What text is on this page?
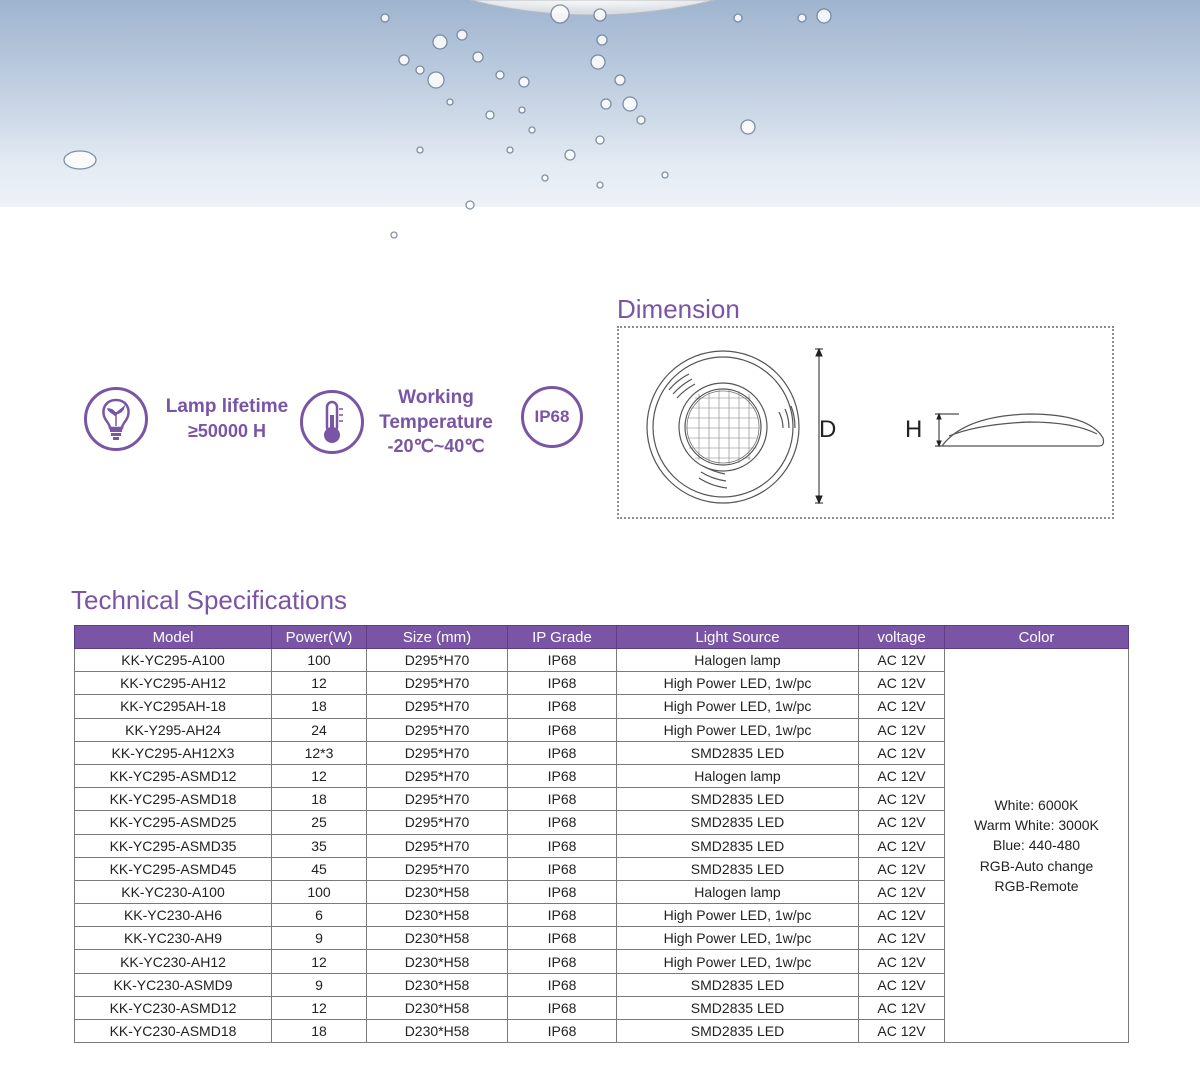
Lamp lifetime
≥50000 H
Working
Temperature
-20℃~40℃
IP68
Dimension
D	H
Technical Specifications
Model	Power(W)	Size (mm)	IP Grade	Light Source	voltage	Color
KK-YC295-A100	100	D295*H70	IP68	Halogen lamp	AC 12V	White: 6000K
Warm White: 3000K
Blue: 440-480
RGB-Auto change
RGB-Remote

KK-YC295-AH12	12	D295*H70	IP68	High Power LED, 1w/pc	AC 12V	
KK-YC295AH-18	18	D295*H70	IP68	High Power LED, 1w/pc	AC 12V	
KK-Y295-AH24	24	D295*H70	IP68	High Power LED, 1w/pc	AC 12V	
KK-YC295-AH12X3	12*3	D295*H70	IP68	SMD2835 LED	AC 12V	
KK-YC295-ASMD12	12	D295*H70	IP68	Halogen lamp	AC 12V	
KK-YC295-ASMD18	18	D295*H70	IP68	SMD2835 LED	AC 12V	
KK-YC295-ASMD25	25	D295*H70	IP68	SMD2835 LED	AC 12V	
KK-YC295-ASMD35	35	D295*H70	IP68	SMD2835 LED	AC 12V	
KK-YC295-ASMD45	45	D295*H70	IP68	SMD2835 LED	AC 12V	
KK-YC230-A100	100	D230*H58	IP68	Halogen lamp	AC 12V	
KK-YC230-AH6	6	D230*H58	IP68	High Power LED, 1w/pc	AC 12V	
KK-YC230-AH9	9	D230*H58	IP68	High Power LED, 1w/pc	AC 12V	
KK-YC230-AH12	12	D230*H58	IP68	High Power LED, 1w/pc	AC 12V	
KK-YC230-ASMD9	9	D230*H58	IP68	SMD2835 LED	AC 12V	
KK-YC230-ASMD12	12	D230*H58	IP68	SMD2835 LED	AC 12V	
KK-YC230-ASMD18	18	D230*H58	IP68	SMD2835 LED	AC 12V	
